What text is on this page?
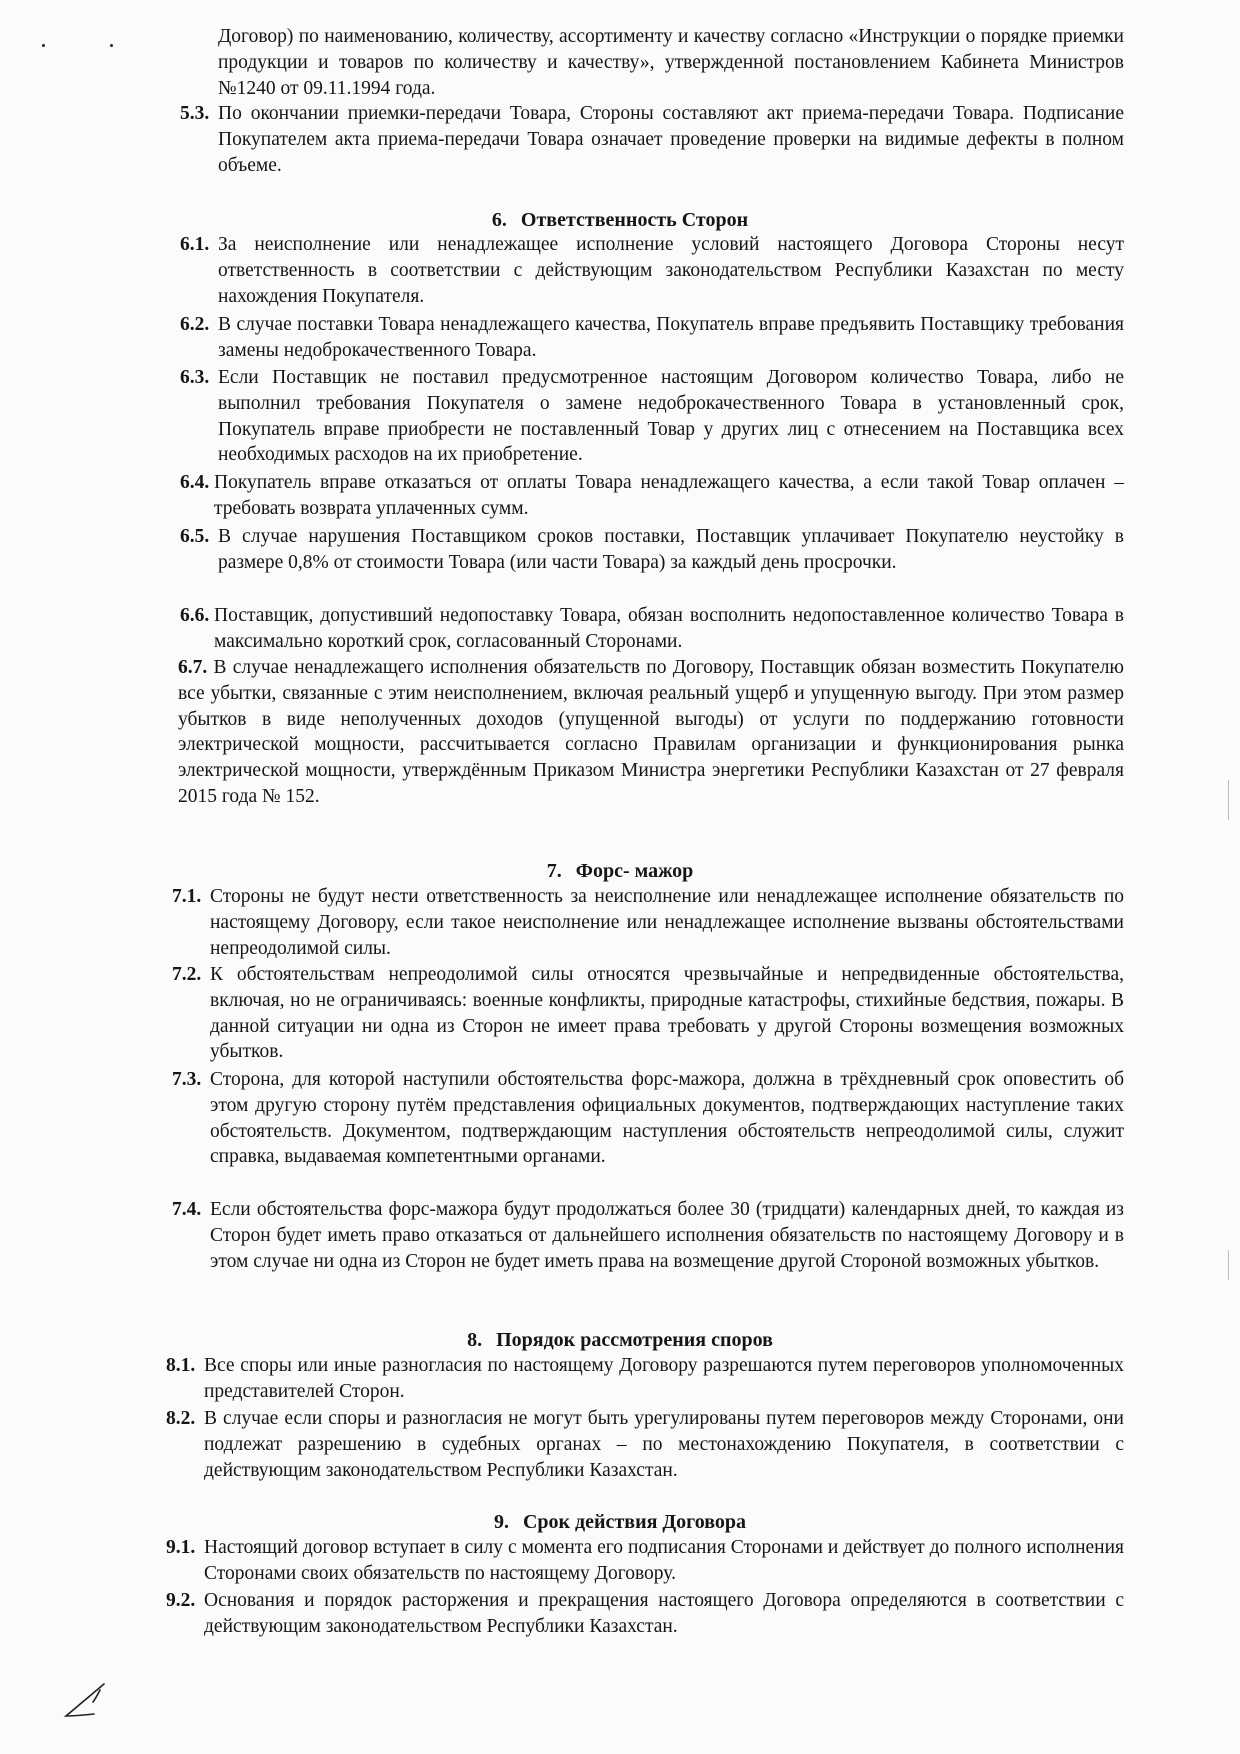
Договор) по наименованию, количеству, ассортименту и качеству согласно «Инструкции о порядке приемки продукции и товаров по количеству и качеству», утвержденной постановлением Кабинета Министров №1240 от 09.11.1994 года.

5.3. По окончании приемки-передачи Товара, Стороны составляют акт приема-передачи Товара. Подписание Покупателем акта приема-передачи Товара означает проведение проверки на видимые дефекты в полном объеме.

6. Ответственность Сторон

6.1. За неисполнение или ненадлежащее исполнение условий настоящего Договора Стороны несут ответственность в соответствии с действующим законодательством Республики Казахстан по месту нахождения Покупателя.

6.2. В случае поставки Товара ненадлежащего качества, Покупатель вправе предъявить Поставщику требования замены недоброкачественного Товара.

6.3. Если Поставщик не поставил предусмотренное настоящим Договором количество Товара, либо не выполнил требования Покупателя о замене недоброкачественного Товара в установленный срок, Покупатель вправе приобрести не поставленный Товар у других лиц с отнесением на Поставщика всех необходимых расходов на их приобретение.

6.4. Покупатель вправе отказаться от оплаты Товара ненадлежащего качества, а если такой Товар оплачен – требовать возврата уплаченных сумм.

6.5. В случае нарушения Поставщиком сроков поставки, Поставщик уплачивает Покупателю неустойку в размере 0,8% от стоимости Товара (или части Товара) за каждый день просрочки.

6.6. Поставщик, допустивший недопоставку Товара, обязан восполнить недопоставленное количество Товара в максимально короткий срок, согласованный Сторонами.

6.7. В случае ненадлежащего исполнения обязательств по Договору, Поставщик обязан возместить Покупателю все убытки, связанные с этим неисполнением, включая реальный ущерб и упущенную выгоду. При этом размер убытков в виде неполученных доходов (упущенной выгоды) от услуги по поддержанию готовности электрической мощности, рассчитывается согласно Правилам организации и функционирования рынка электрической мощности, утверждённым Приказом Министра энергетики Республики Казахстан от 27 февраля 2015 года № 152.

7. Форс- мажор

7.1. Стороны не будут нести ответственность за неисполнение или ненадлежащее исполнение обязательств по настоящему Договору, если такое неисполнение или ненадлежащее исполнение вызваны обстоятельствами непреодолимой силы.

7.2. К обстоятельствам непреодолимой силы относятся чрезвычайные и непредвиденные обстоятельства, включая, но не ограничиваясь: военные конфликты, природные катастрофы, стихийные бедствия, пожары. В данной ситуации ни одна из Сторон не имеет права требовать у другой Стороны возмещения возможных убытков.

7.3. Сторона, для которой наступили обстоятельства форс-мажора, должна в трёхдневный срок оповестить об этом другую сторону путём представления официальных документов, подтверждающих наступление таких обстоятельств. Документом, подтверждающим наступления обстоятельств непреодолимой силы, служит справка, выдаваемая компетентными органами.

7.4. Если обстоятельства форс-мажора будут продолжаться более 30 (тридцати) календарных дней, то каждая из Сторон будет иметь право отказаться от дальнейшего исполнения обязательств по настоящему Договору и в этом случае ни одна из Сторон не будет иметь права на возмещение другой Стороной возможных убытков.

8. Порядок рассмотрения споров

8.1. Все споры или иные разногласия по настоящему Договору разрешаются путем переговоров уполномоченных представителей Сторон.

8.2. В случае если споры и разногласия не могут быть урегулированы путем переговоров между Сторонами, они подлежат разрешению в судебных органах – по местонахождению Покупателя, в соответствии с действующим законодательством Республики Казахстан.

9. Срок действия Договора

9.1. Настоящий договор вступает в силу с момента его подписания Сторонами и действует до полного исполнения Сторонами своих обязательств по настоящему Договору.

9.2. Основания и порядок расторжения и прекращения настоящего Договора определяются в соответствии с действующим законодательством Республики Казахстан.
